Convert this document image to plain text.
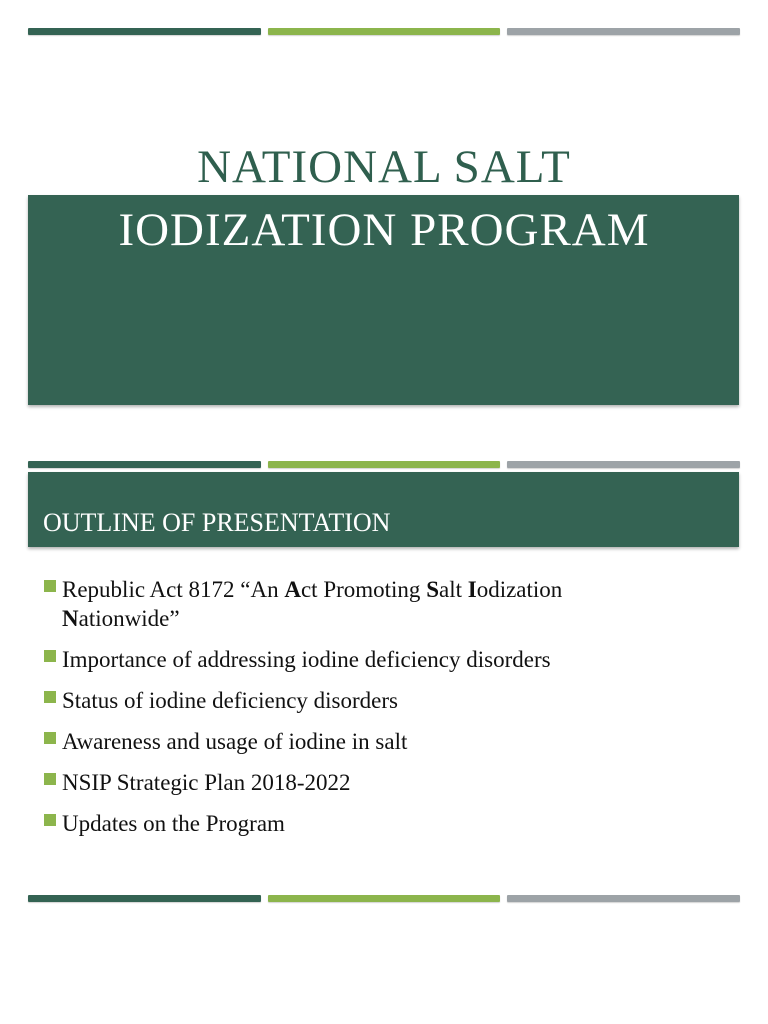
NATIONAL SALT
IODIZATION PROGRAM
OUTLINE OF PRESENTATION
Republic Act 8172 “An Act Promoting Salt Iodization Nationwide”
Importance of addressing iodine deficiency disorders
Status of iodine deficiency disorders
Awareness and usage of iodine in salt
NSIP Strategic Plan 2018-2022
Updates on the Program
